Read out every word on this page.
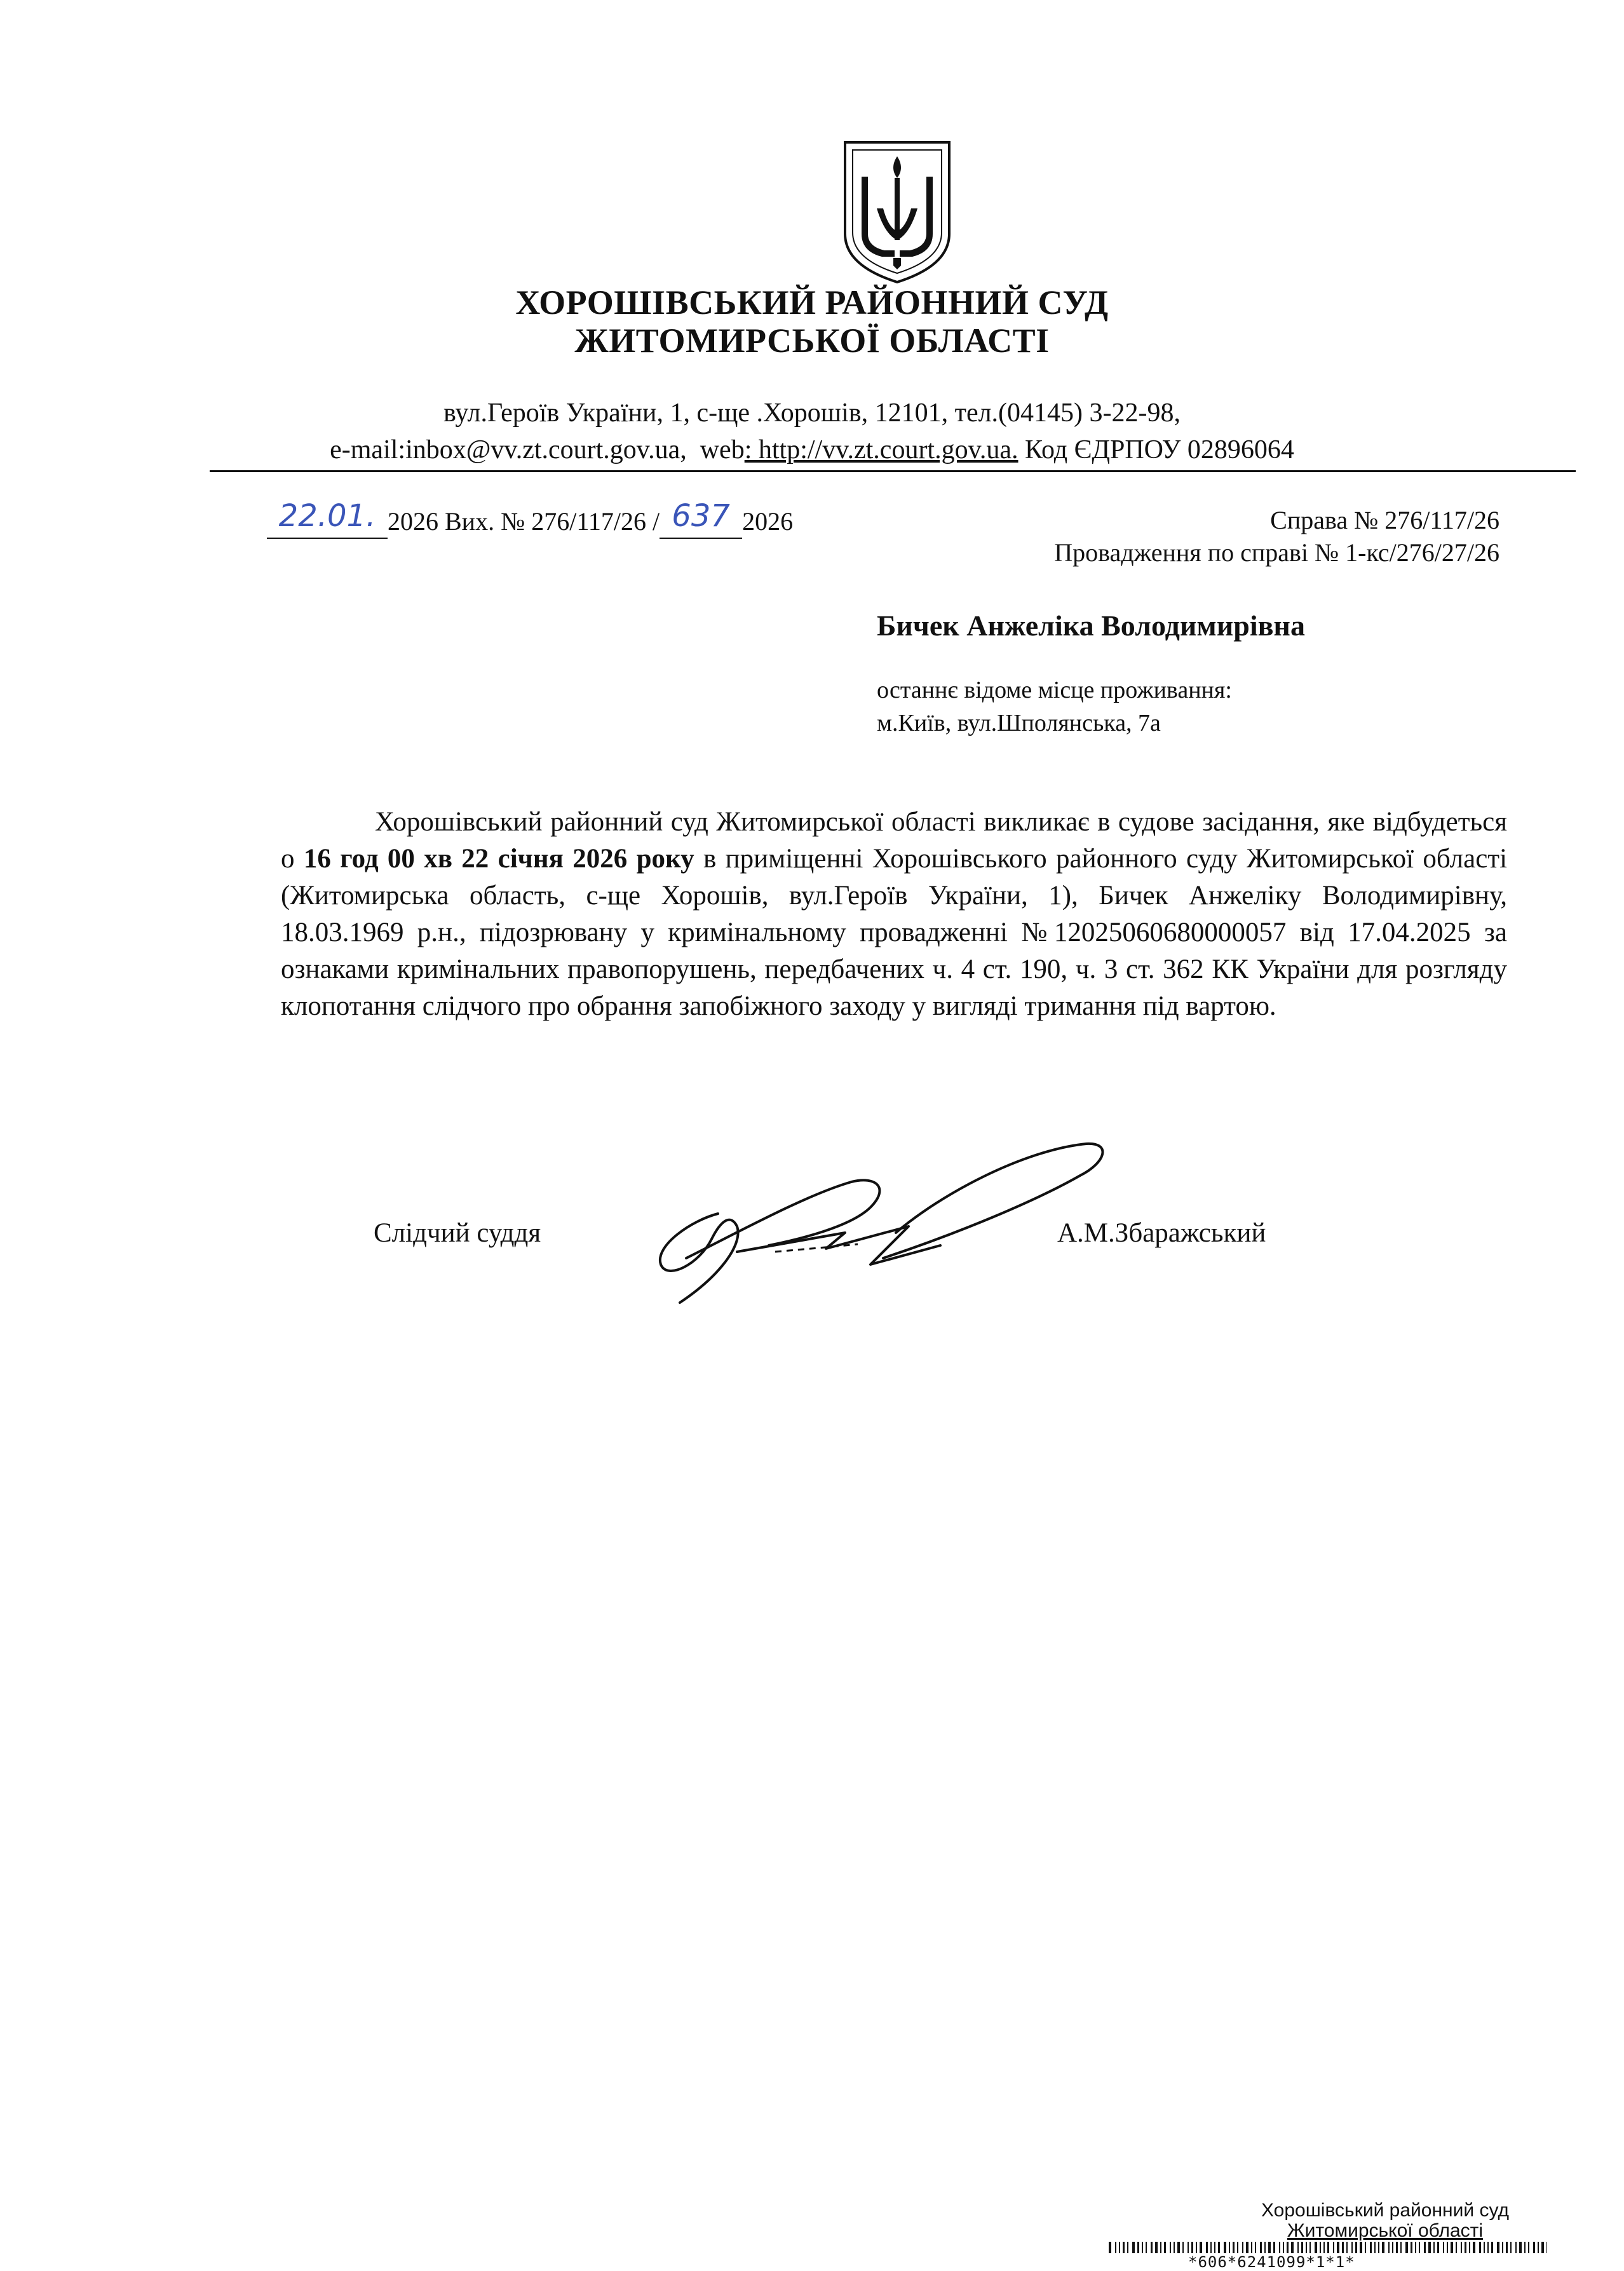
ХОРОШІВСЬКИЙ РАЙОННИЙ СУД
ЖИТОМИРСЬКОЇ ОБЛАСТІ
вул.Героїв України, 1, с-ще .Хорошів, 12101, тел.(04145) 3-22-98,
e-mail:inbox@vv.zt.court.gov.ua,  web: http://vv.zt.court.gov.ua. Код ЄДРПОУ 02896064
22.01. 2026 Вих. № 276/117/26 / 637 2026	Справа № 276/117/26
Провадження по справі № 1-кс/276/27/26
Бичек Анжеліка Володимирівна
останнє відоме місце проживання:
м.Київ, вул.Шполянська, 7а

Хорошівський районний суд Житомирської області викликає в судове засідання, яке відбудеться о 16 год 00 хв 22 січня 2026 року в приміщенні Хорошівського районного суду Житомирської області (Житомирська область, с-ще Хорошів, вул.Героїв України, 1), Бичек Анжеліку Володимирівну, 18.03.1969 р.н., підозрювану у кримінальному провадженні №12025060680000057 від 17.04.2025 за ознаками кримінальних правопорушень, передбачених ч. 4 ст. 190, ч. 3 ст. 362 КК України для розгляду клопотання слідчого про обрання запобіжного заходу у вигляді тримання під вартою.

Слідчий суддя	А.М.Збаражський
Хорошівський районний суд
Житомирської області
*606*6241099*1*1*
